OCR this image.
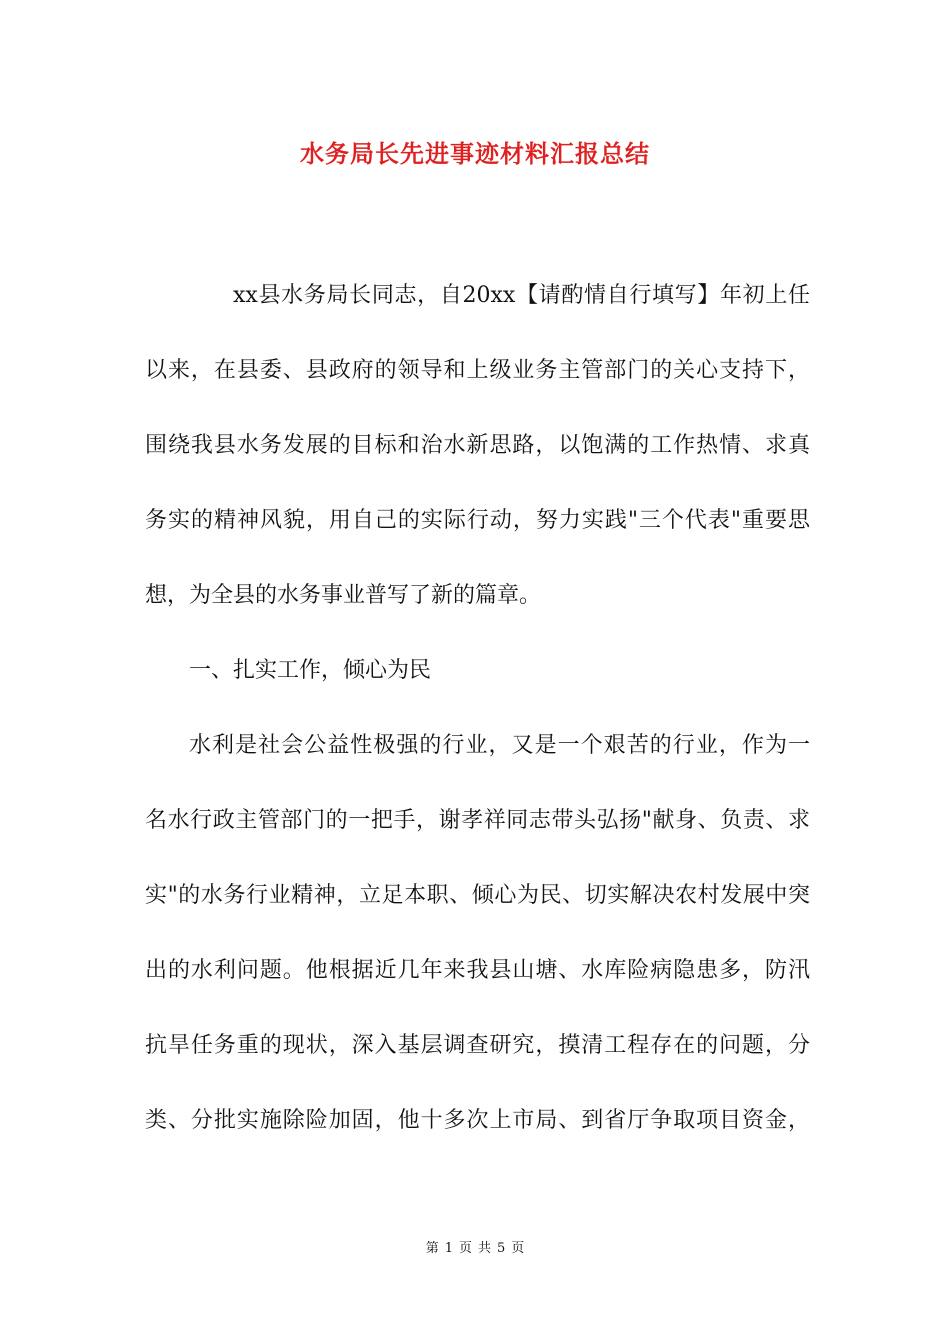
水务局长先进事迹材料汇报总结
xx县水务局长同志，自20xx【请酌情自行填写】年初上任
以来，在县委、县政府的领导和上级业务主管部门的关心支持下，
围绕我县水务发展的目标和治水新思路，以饱满的工作热情、求真
务实的精神风貌，用自己的实际行动，努力实践"三个代表"重要思
想，为全县的水务事业普写了新的篇章。
一、扎实工作，倾心为民
水利是社会公益性极强的行业，又是一个艰苦的行业，作为一
名水行政主管部门的一把手，谢孝祥同志带头弘扬"献身、负责、求
实"的水务行业精神，立足本职、倾心为民、切实解决农村发展中突
出的水利问题。他根据近几年来我县山塘、水库险病隐患多，防汛
抗旱任务重的现状，深入基层调查研究，摸清工程存在的问题，分
类、分批实施除险加固，他十多次上市局、到省厅争取项目资金，
第 1 页 共 5 页
